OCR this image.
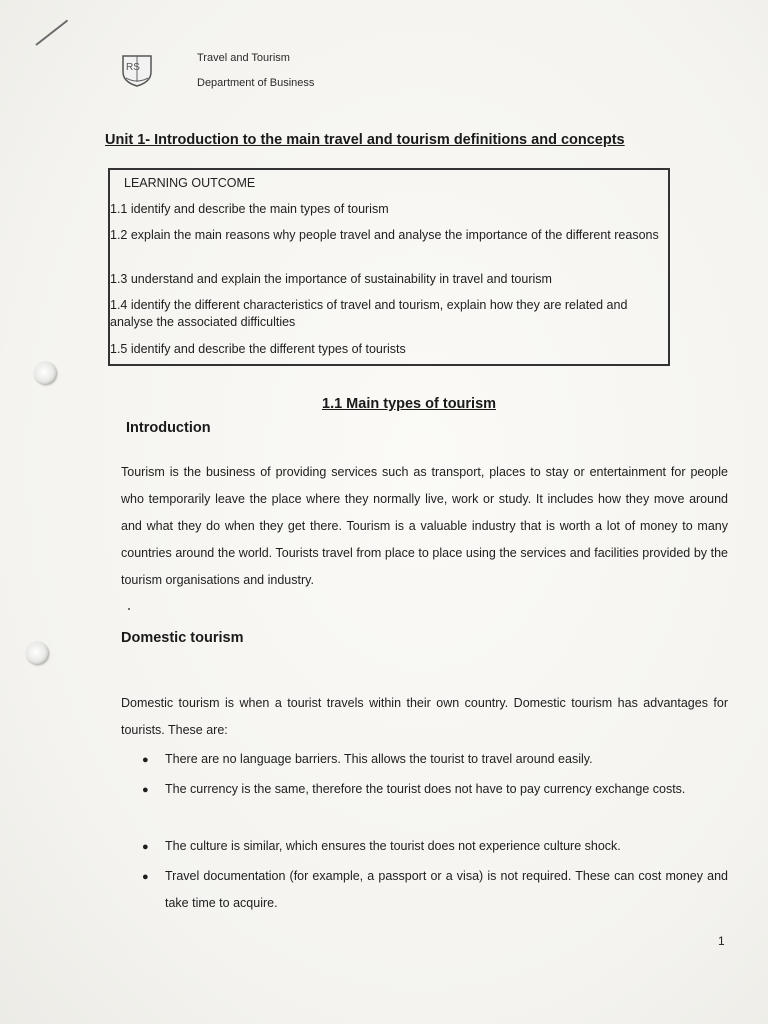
RS
Travel and Tourism
Department of Business
Unit 1- Introduction to the main travel and tourism definitions and concepts
LEARNING OUTCOME
1.1 identify and describe the main types of tourism
1.2 explain the main reasons why people travel and analyse the importance of the different reasons
1.3 understand and explain the importance of sustainability in travel and tourism
1.4 identify the different characteristics of travel and tourism, explain how they are related and analyse the associated difficulties
1.5 identify and describe the different types of tourists
1.1 Main types of tourism
Introduction
Tourism is the business of providing services such as transport, places to stay or entertainment for people who temporarily leave the place where they normally live, work or study. It includes how they move around and what they do when they get there. Tourism is a valuable industry that is worth a lot of money to many countries around the world. Tourists travel from place to place using the services and facilities provided by the tourism organisations and industry.
Domestic tourism
Domestic tourism is when a tourist travels within their own country. Domestic tourism has advantages for tourists. These are:
● There are no language barriers. This allows the tourist to travel around easily.
● The currency is the same, therefore the tourist does not have to pay currency exchange costs.
● The culture is similar, which ensures the tourist does not experience culture shock.
● Travel documentation (for example, a passport or a visa) is not required. These can cost money and take time to acquire.
1
